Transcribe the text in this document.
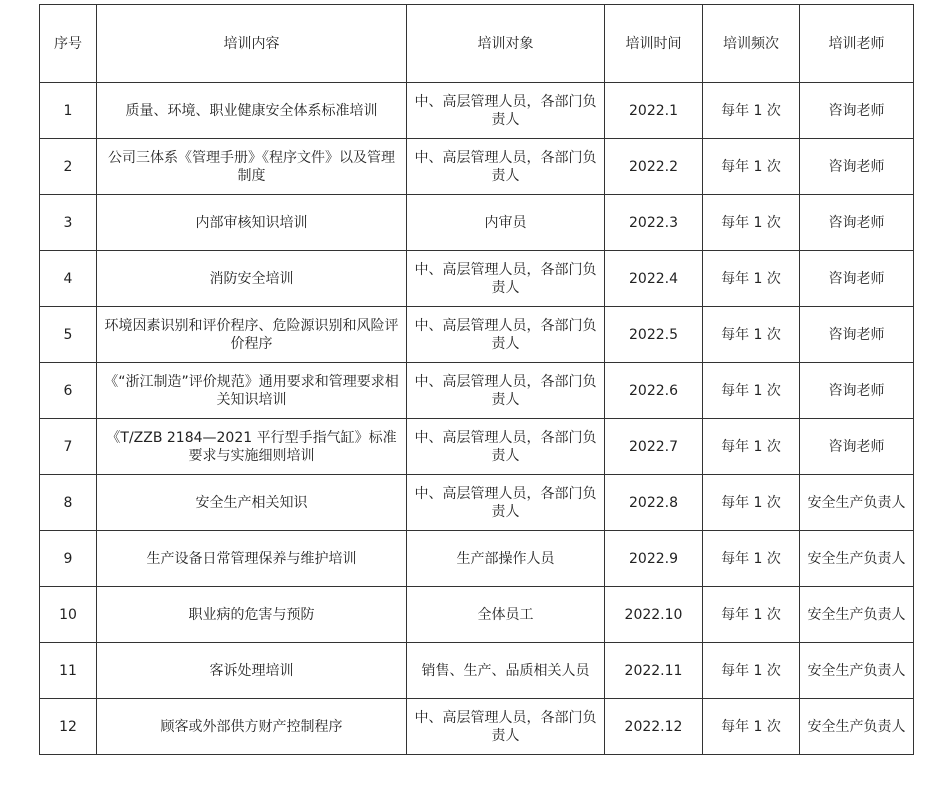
序号	培训内容	培训对象	培训时间	培训频次	培训老师
1	质量、环境、职业健康安全体系标准培训	中、高层管理人员，各部门负责人	2022.1	每年 1 次	咨询老师
2	公司三体系《管理手册》《程序文件》以及管理制度	中、高层管理人员，各部门负责人	2022.2	每年 1 次	咨询老师
3	内部审核知识培训	内审员	2022.3	每年 1 次	咨询老师
4	消防安全培训	中、高层管理人员，各部门负责人	2022.4	每年 1 次	咨询老师
5	环境因素识别和评价程序、危险源识别和风险评价程序	中、高层管理人员，各部门负责人	2022.5	每年 1 次	咨询老师
6	《“浙江制造”评价规范》通用要求和管理要求相关知识培训	中、高层管理人员，各部门负责人	2022.6	每年 1 次	咨询老师
7	《T/ZZB 2184—2021 平行型手指气缸》标准要求与实施细则培训	中、高层管理人员，各部门负责人	2022.7	每年 1 次	咨询老师
8	安全生产相关知识	中、高层管理人员，各部门负责人	2022.8	每年 1 次	安全生产负责人
9	生产设备日常管理保养与维护培训	生产部操作人员	2022.9	每年 1 次	安全生产负责人
10	职业病的危害与预防	全体员工	2022.10	每年 1 次	安全生产负责人
11	客诉处理培训	销售、生产、品质相关人员	2022.11	每年 1 次	安全生产负责人
12	顾客或外部供方财产控制程序	中、高层管理人员，各部门负责人	2022.12	每年 1 次	安全生产负责人
